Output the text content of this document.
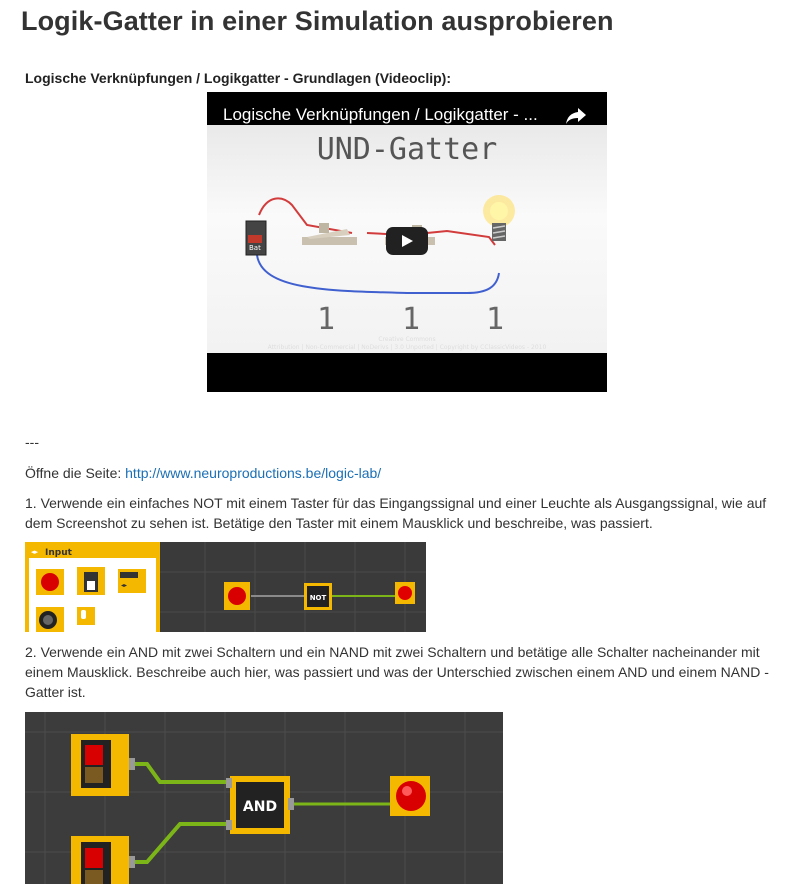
Logik-Gatter in einer Simulation ausprobieren
Logische Verknüpfungen / Logikgatter - Grundlagen (Videoclip):
Logische Verknüpfungen / Logikgatter - ...
UND-Gatter
Bat
1 1 1
Creative Commons
Attribution | Non-Commercial | NoDerivs | 3.0 Unported | Copyright by CClassicVideos - 2010
---
Öffne die Seite: http://www.neuroproductions.be/logic-lab/
1. Verwende ein einfaches NOT mit einem Taster für das Eingangssignal und einer Leuchte als Ausgangssignal, wie auf dem Screenshot zu sehen ist. Betätige den Taster mit einem Mausklick und beschreibe, was passiert.
◂▸ Input
◂▸
NOT
2. Verwende ein AND mit zwei Schaltern und ein NAND mit zwei Schaltern und betätige alle Schalter nacheinander mit einem Mausklick. Beschreibe auch hier, was passiert und was der Unterschied zwischen einem AND und einem NAND - Gatter ist.
AND
